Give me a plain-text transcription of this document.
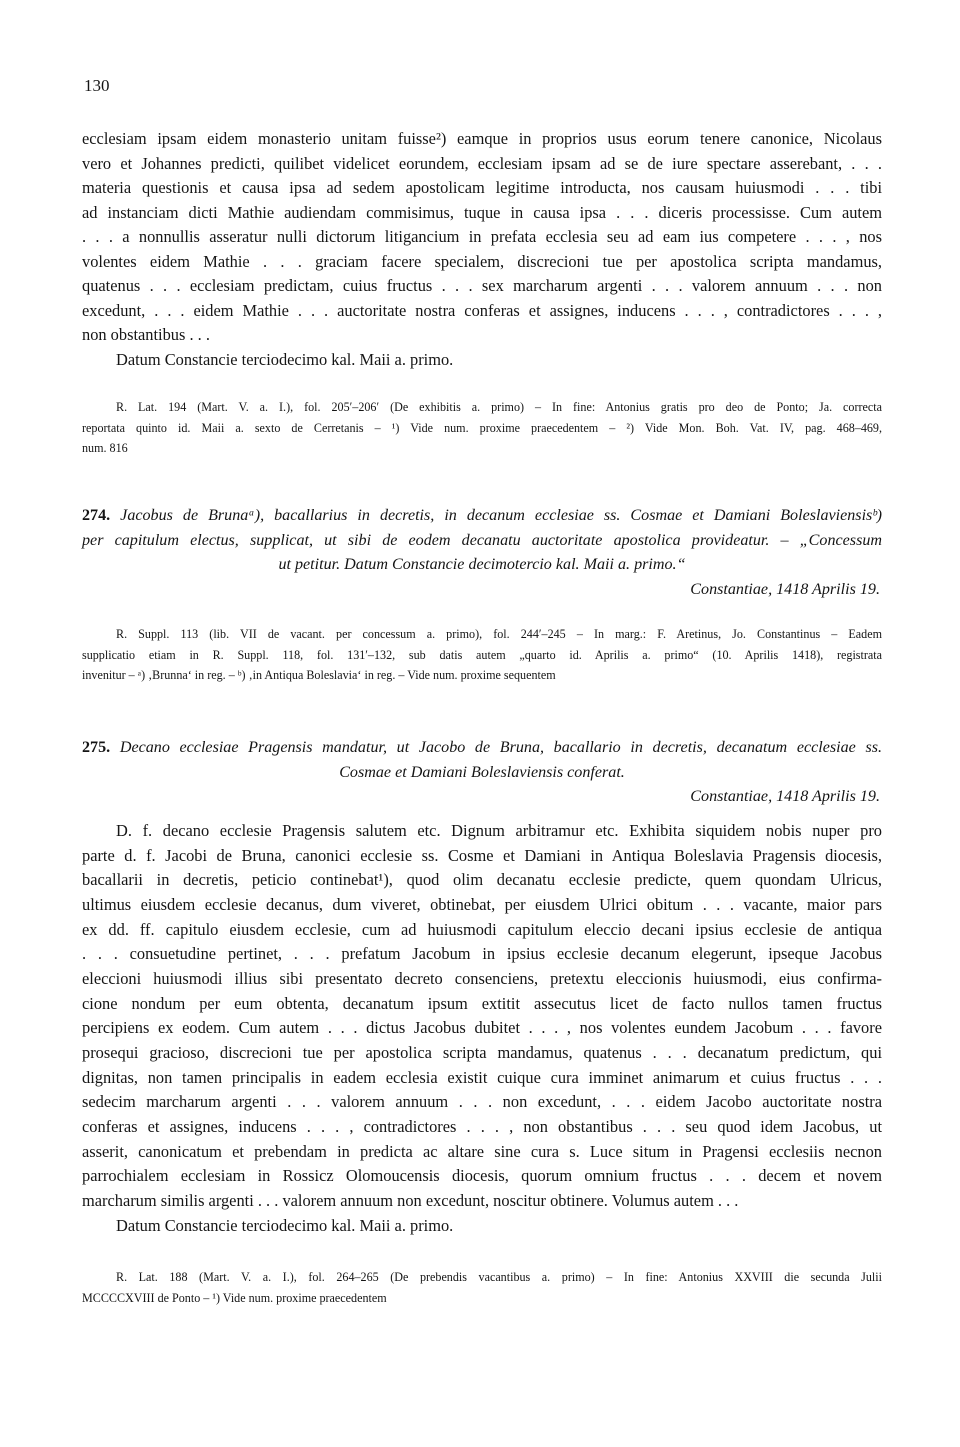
130
ecclesiam ipsam eidem monasterio unitam fuisse²) eamque in proprios usus eorum tenere canonice, Nicolaus
vero et Johannes predicti, quilibet videlicet eorundem, ecclesiam ipsam ad se de iure spectare asserebant, . . .
materia questionis et causa ipsa ad sedem apostolicam legitime introducta, nos causam huiusmodi . . . tibi
ad instanciam dicti Mathie audiendam commisimus, tuque in causa ipsa . . . diceris processisse. Cum autem
. . . a nonnullis asseratur nulli dictorum litigancium in prefata ecclesia seu ad eam ius competere . . . , nos
volentes eidem Mathie . . . graciam facere specialem, discrecioni tue per apostolica scripta mandamus,
quatenus . . . ecclesiam predictam, cuius fructus . . . sex marcharum argenti . . . valorem annuum . . . non
excedunt, . . . eidem Mathie . . . auctoritate nostra conferas et assignes, inducens . . . , contradictores . . . ,
non obstantibus . . .
Datum Constancie terciodecimo kal. Maii a. primo.
R. Lat. 194 (Mart. V. a. I.), fol. 205′–206′ (De exhibitis a. primo) – In fine: Antonius gratis pro deo de Ponto; Ja. correcta
reportata quinto id. Maii a. sexto de Cerretanis – ¹) Vide num. proxime praecedentem – ²) Vide Mon. Boh. Vat. IV, pag. 468–469,
num. 816
274. Jacobus de Brunaᵃ), bacallarius in decretis, in decanum ecclesiae ss. Cosmae et Damiani Boleslaviensisᵇ)
per capitulum electus, supplicat, ut sibi de eodem decanatu auctoritate apostolica provideatur. – „Concessum
ut petitur. Datum Constancie decimotercio kal. Maii a. primo.“
Constantiae, 1418 Aprilis 19.
R. Suppl. 113 (lib. VII de vacant. per concessum a. primo), fol. 244′–245 – In marg.: F. Aretinus, Jo. Constantinus – Eadem
supplicatio etiam in R. Suppl. 118, fol. 131′–132, sub datis autem „quarto id. Aprilis a. primo“ (10. Aprilis 1418), registrata
invenitur – ᵃ) ‚Brunna‘ in reg. – ᵇ) ‚in Antiqua Boleslavia‘ in reg. – Vide num. proxime sequentem
275. Decano ecclesiae Pragensis mandatur, ut Jacobo de Bruna, bacallario in decretis, decanatum ecclesiae ss.
Cosmae et Damiani Boleslaviensis conferat.
Constantiae, 1418 Aprilis 19.
D. f. decano ecclesie Pragensis salutem etc. Dignum arbitramur etc. Exhibita siquidem nobis nuper pro
parte d. f. Jacobi de Bruna, canonici ecclesie ss. Cosme et Damiani in Antiqua Boleslavia Pragensis diocesis,
bacallarii in decretis, peticio continebat¹), quod olim decanatu ecclesie predicte, quem quondam Ulricus,
ultimus eiusdem ecclesie decanus, dum viveret, obtinebat, per eiusdem Ulrici obitum . . . vacante, maior pars
ex dd. ff. capitulo eiusdem ecclesie, cum ad huiusmodi capitulum eleccio decani ipsius ecclesie de antiqua
. . . consuetudine pertinet, . . . prefatum Jacobum in ipsius ecclesie decanum elegerunt, ipseque Jacobus
eleccioni huiusmodi illius sibi presentato decreto consenciens, pretextu eleccionis huiusmodi, eius confirma-
cione nondum per eum obtenta, decanatum ipsum extitit assecutus licet de facto nullos tamen fructus
percipiens ex eodem. Cum autem . . . dictus Jacobus dubitet . . . , nos volentes eundem Jacobum . . . favore
prosequi gracioso, discrecioni tue per apostolica scripta mandamus, quatenus . . . decanatum predictum, qui
dignitas, non tamen principalis in eadem ecclesia existit cuique cura imminet animarum et cuius fructus . . .
sedecim marcharum argenti . . . valorem annuum . . . non excedunt, . . . eidem Jacobo auctoritate nostra
conferas et assignes, inducens . . . , contradictores . . . , non obstantibus . . . seu quod idem Jacobus, ut
asserit, canonicatum et prebendam in predicta ac altare sine cura s. Luce situm in Pragensi ecclesiis necnon
parrochialem ecclesiam in Rossicz Olomoucensis diocesis, quorum omnium fructus . . . decem et novem
marcharum similis argenti . . . valorem annuum non excedunt, noscitur obtinere. Volumus autem . . .
Datum Constancie terciodecimo kal. Maii a. primo.
R. Lat. 188 (Mart. V. a. I.), fol. 264–265 (De prebendis vacantibus a. primo) – In fine: Antonius XXVIII die secunda Julii
MCCCCXVIII de Ponto – ¹) Vide num. proxime praecedentem
